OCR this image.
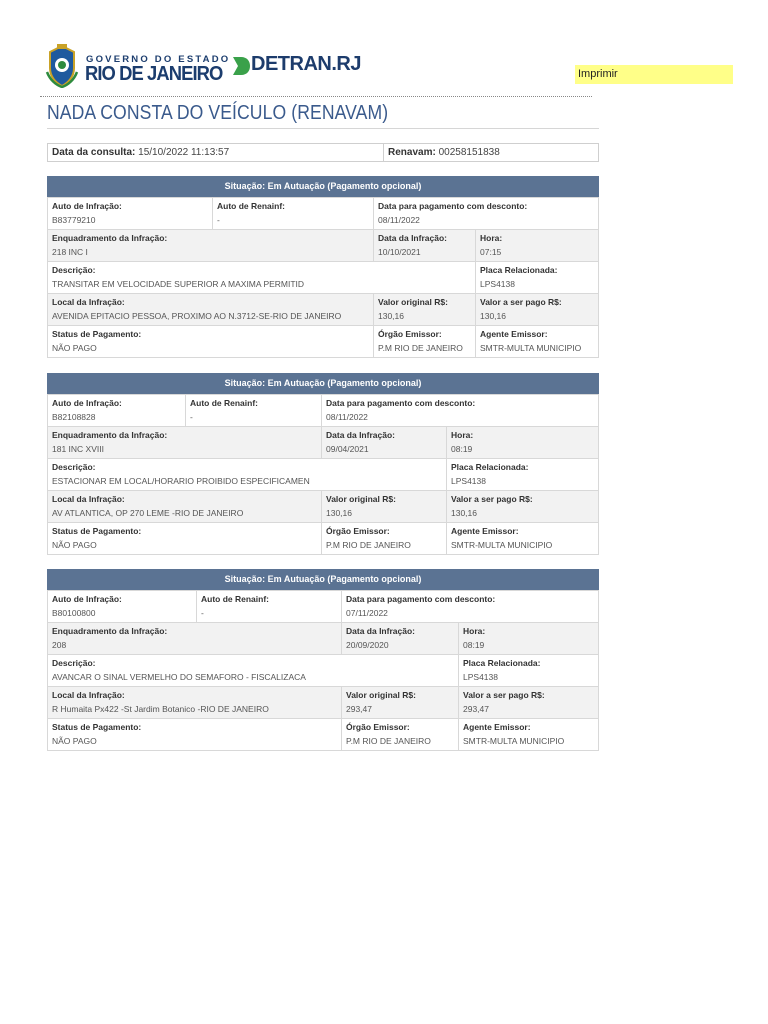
GOVERNO DO ESTADO
RIO DE JANEIRO DETRAN.RJ	Imprimir
NADA CONSTA DO VEÍCULO (RENAVAM)
Data da consulta: 15/10/2022 11:13:57	Renavam: 00258151838
Situação: Em Autuação (Pagamento opcional)
Auto de Infração:
B83779210
Auto de Renainf:
-
Data para pagamento com desconto:
08/11/2022
Enquadramento da Infração:
218 INC I
Data da Infração:
10/10/2021
Hora:
07:15
Descrição:
TRANSITAR EM VELOCIDADE SUPERIOR A MAXIMA PERMITID
Placa Relacionada:
LPS4138
Local da Infração:
AVENIDA EPITACIO PESSOA, PROXIMO AO N.3712-SE-RIO DE JANEIRO
Valor original R$:
130,16
Valor a ser pago R$:
130,16
Status de Pagamento:
NÃO PAGO
Órgão Emissor:
P.M RIO DE JANEIRO
Agente Emissor:
SMTR-MULTA MUNICIPIO
Situação: Em Autuação (Pagamento opcional)
Auto de Infração:
B82108828
Auto de Renainf:
-
Data para pagamento com desconto:
08/11/2022
Enquadramento da Infração:
181 INC XVIII
Data da Infração:
09/04/2021
Hora:
08:19
Descrição:
ESTACIONAR EM LOCAL/HORARIO PROIBIDO ESPECIFICAMEN
Placa Relacionada:
LPS4138
Local da Infração:
AV ATLANTICA, OP 270 LEME -RIO DE JANEIRO
Valor original R$:
130,16
Valor a ser pago R$:
130,16
Status de Pagamento:
NÃO PAGO
Órgão Emissor:
P.M RIO DE JANEIRO
Agente Emissor:
SMTR-MULTA MUNICIPIO
Situação: Em Autuação (Pagamento opcional)
Auto de Infração:
B80100800
Auto de Renainf:
-
Data para pagamento com desconto:
07/11/2022
Enquadramento da Infração:
208
Data da Infração:
20/09/2020
Hora:
08:19
Descrição:
AVANCAR O SINAL VERMELHO DO SEMAFORO - FISCALIZACA
Placa Relacionada:
LPS4138
Local da Infração:
R Humaita Px422 -St Jardim Botanico -RIO DE JANEIRO
Valor original R$:
293,47
Valor a ser pago R$:
293,47
Status de Pagamento:
NÃO PAGO
Órgão Emissor:
P.M RIO DE JANEIRO
Agente Emissor:
SMTR-MULTA MUNICIPIO
